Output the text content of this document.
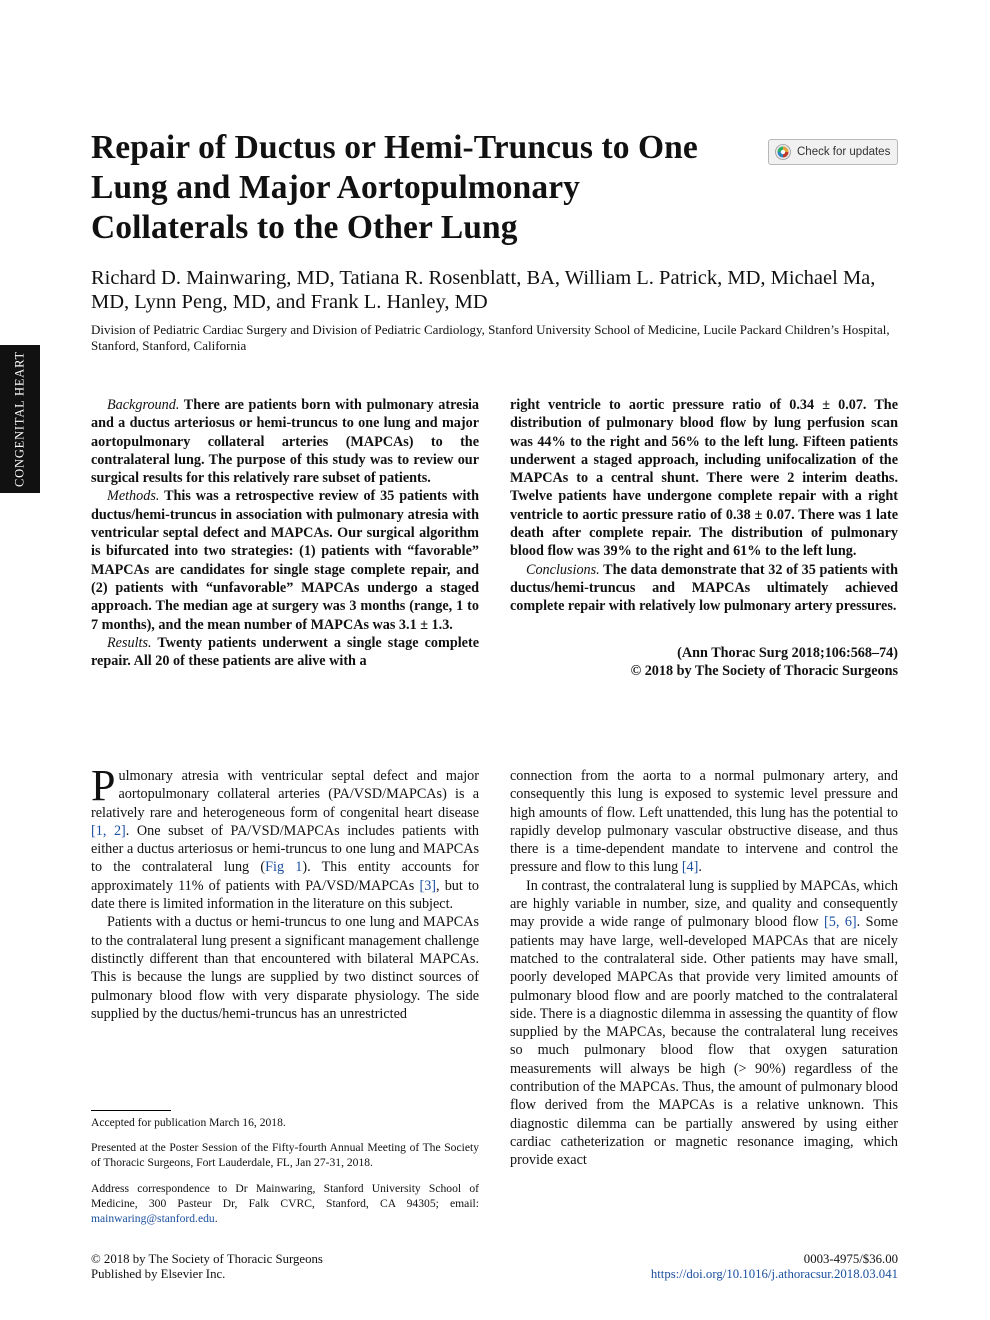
CONGENITAL HEART
Repair of Ductus or Hemi-Truncus to One Lung and Major Aortopulmonary Collaterals to the Other Lung
Check for updates
Richard D. Mainwaring, MD, Tatiana R. Rosenblatt, BA, William L. Patrick, MD, Michael Ma, MD, Lynn Peng, MD, and Frank L. Hanley, MD
Division of Pediatric Cardiac Surgery and Division of Pediatric Cardiology, Stanford University School of Medicine, Lucile Packard Children’s Hospital, Stanford, Stanford, California

Background. There are patients born with pulmonary atresia and a ductus arteriosus or hemi-truncus to one lung and major aortopulmonary collateral arteries (MAPCAs) to the contralateral lung. The purpose of this study was to review our surgical results for this relatively rare subset of patients.

Methods. This was a retrospective review of 35 patients with ductus/hemi-truncus in association with pulmonary atresia with ventricular septal defect and MAPCAs. Our surgical algorithm is bifurcated into two strategies: (1) patients with “favorable” MAPCAs are candidates for single stage complete repair, and (2) patients with “unfavorable” MAPCAs undergo a staged approach. The median age at surgery was 3 months (range, 1 to 7 months), and the mean number of MAPCAs was 3.1 ± 1.3.

Results. Twenty patients underwent a single stage complete repair. All 20 of these patients are alive with a

right ventricle to aortic pressure ratio of 0.34 ± 0.07. The distribution of pulmonary blood flow by lung perfusion scan was 44% to the right and 56% to the left lung. Fifteen patients underwent a staged approach, including unifocalization of the MAPCAs to a central shunt. There were 2 interim deaths. Twelve patients have undergone complete repair with a right ventricle to aortic pressure ratio of 0.38 ± 0.07. There was 1 late death after complete repair. The distribution of pulmonary blood flow was 39% to the right and 61% to the left lung.

Conclusions. The data demonstrate that 32 of 35 patients with ductus/hemi-truncus and MAPCAs ultimately achieved complete repair with relatively low pulmonary artery pressures.

(Ann Thorac Surg 2018;106:568–74)

© 2018 by The Society of Thoracic Surgeons

Pulmonary atresia with ventricular septal defect and major aortopulmonary collateral arteries (PA/VSD/MAPCAs) is a relatively rare and heterogeneous form of congenital heart disease [1, 2]. One subset of PA/VSD/MAPCAs includes patients with either a ductus arteriosus or hemi-truncus to one lung and MAPCAs to the contralateral lung (Fig 1). This entity accounts for approximately 11% of patients with PA/VSD/MAPCAs [3], but to date there is limited information in the literature on this subject.

Patients with a ductus or hemi-truncus to one lung and MAPCAs to the contralateral lung present a significant management challenge distinctly different than that encountered with bilateral MAPCAs. This is because the lungs are supplied by two distinct sources of pulmonary blood flow with very disparate physiology. The side supplied by the ductus/hemi-truncus has an unrestricted

connection from the aorta to a normal pulmonary artery, and consequently this lung is exposed to systemic level pressure and high amounts of flow. Left unattended, this lung has the potential to rapidly develop pulmonary vascular obstructive disease, and thus there is a time-dependent mandate to intervene and control the pressure and flow to this lung [4].

In contrast, the contralateral lung is supplied by MAPCAs, which are highly variable in number, size, and quality and consequently may provide a wide range of pulmonary blood flow [5, 6]. Some patients may have large, well-developed MAPCAs that are nicely matched to the contralateral side. Other patients may have small, poorly developed MAPCAs that provide very limited amounts of pulmonary blood flow and are poorly matched to the contralateral side. There is a diagnostic dilemma in assessing the quantity of flow supplied by the MAPCAs, because the contralateral lung receives so much pulmonary blood flow that oxygen saturation measurements will always be high (> 90%) regardless of the contribution of the MAPCAs. Thus, the amount of pulmonary blood flow derived from the MAPCAs is a relative unknown. This diagnostic dilemma can be partially answered by using either cardiac catheterization or magnetic resonance imaging, which provide exact

Accepted for publication March 16, 2018.

Presented at the Poster Session of the Fifty-fourth Annual Meeting of The Society of Thoracic Surgeons, Fort Lauderdale, FL, Jan 27-31, 2018.

Address correspondence to Dr Mainwaring, Stanford University School of Medicine, 300 Pasteur Dr, Falk CVRC, Stanford, CA 94305; email: mainwaring@stanford.edu.

© 2018 by The Society of Thoracic Surgeons
Published by Elsevier Inc.
0003-4975/$36.00
https://doi.org/10.1016/j.athoracsur.2018.03.041
